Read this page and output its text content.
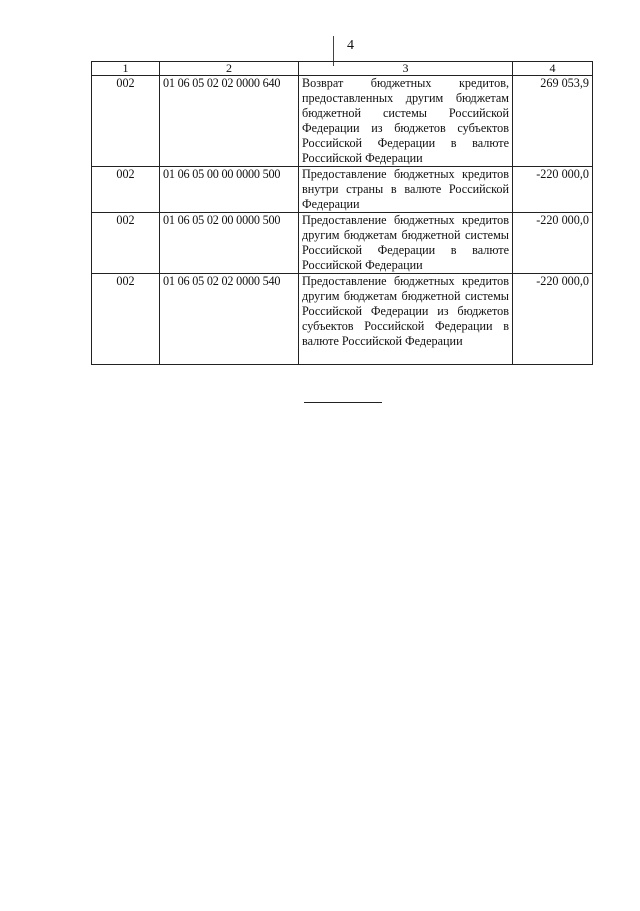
4
1	2	3	4
002	01 06 05 02 02 0000 640	Возврат бюджетных кредитов, предоставленных другим бюджетам бюджетной системы Российской Федерации из бюджетов субъектов Российской Федерации в валюте Российской Федерации	269 053,9
002	01 06 05 00 00 0000 500	Предоставление бюджетных кредитов внутри страны в валюте Российской Федерации	-220 000,0
002	01 06 05 02 00 0000 500	Предоставление бюджетных кредитов другим бюджетам бюджетной системы Российской Федерации в валюте Российской Федерации	-220 000,0
002	01 06 05 02 02 0000 540	Предоставление бюджетных кредитов другим бюджетам бюджетной системы Российской Федерации из бюджетов субъектов Российской Федерации в валюте Российской Федерации	-220 000,0
